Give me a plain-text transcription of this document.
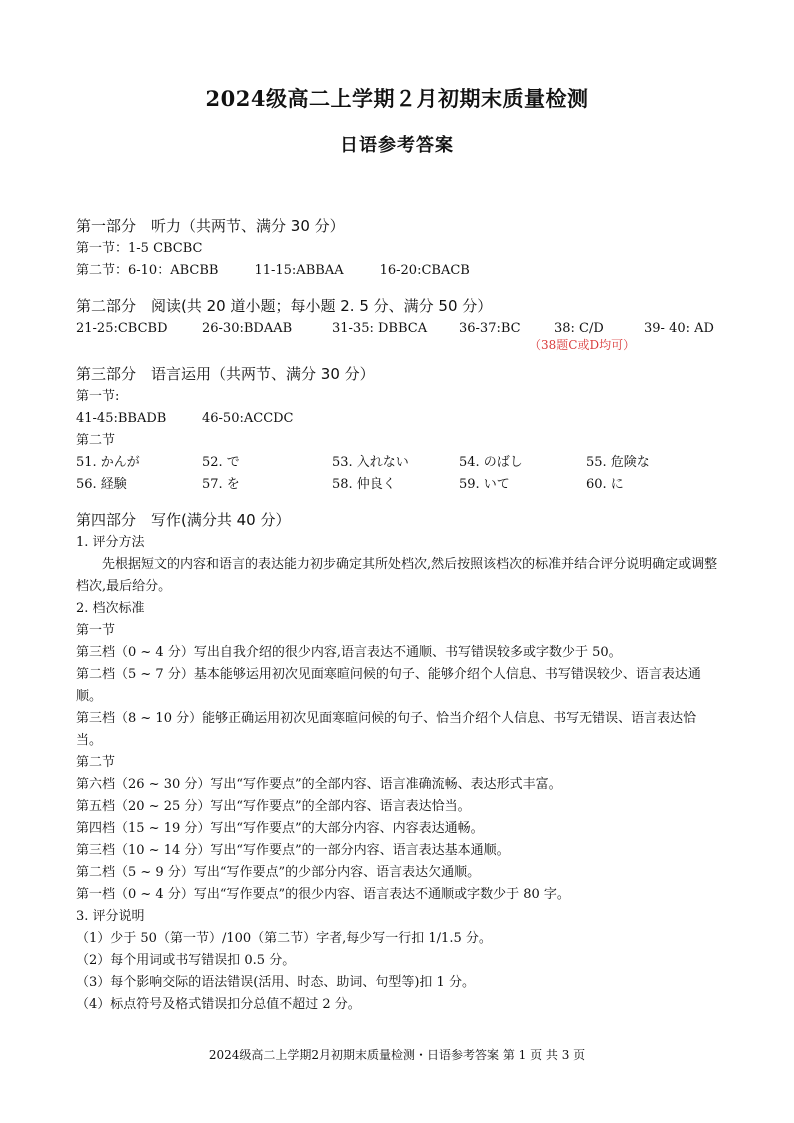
2024级高二上学期２月初期末质量检测
日语参考答案
第一部分　听力（共两节、满分 30 分）
第一节：1-5 CBCBC
第二节：6-10：ABCBB	11-15:ABBAA	16-20:CBACB
第二部分　阅读(共 20 道小题；每小题 2. 5 分、满分 50 分）
21-25:CBCBD	26-30:BDAAB	31-35: DBBCA	36-37:BC	38: C/D	39- 40: AD
（38题C或D均可）
第三部分　语言运用（共两节、满分 30 分）
第一节:
41-45:BBADB	46-50:ACCDC
第二节
51. かんが	52. で	53. 入れない	54. のばし	55. 危険な
56. 経験	57. を	58. 仲良く	59. いて	60. に
第四部分　写作(满分共 40 分）
1. 评分方法
先根据短文的内容和语言的表达能力初步确定其所处档次,然后按照该档次的标准并结合评分说明确定或调整档次,最后给分。
2. 档次标准
第一节
第三档（0 ~ 4 分）写出自我介绍的很少内容,语言表达不通顺、书写错误较多或字数少于 50。
第二档（5 ~ 7 分）基本能够运用初次见面寒暄问候的句子、能够介绍个人信息、书写错误较少、语言表达通顺。
第三档（8 ~ 10 分）能够正确运用初次见面寒暄问候的句子、恰当介绍个人信息、书写无错误、语言表达恰当。
第二节
第六档（26 ~ 30 分）写出“写作要点”的全部内容、语言准确流畅、表达形式丰富。
第五档（20 ~ 25 分）写出“写作要点”的全部内容、语言表达恰当。
第四档（15 ~ 19 分）写出“写作要点”的大部分内容、内容表达通畅。
第三档（10 ~ 14 分）写出“写作要点”的一部分内容、语言表达基本通顺。
第二档（5 ~ 9 分）写出“写作要点”的少部分内容、语言表达欠通顺。
第一档（0 ~ 4 分）写出“写作要点”的很少内容、语言表达不通顺或字数少于 80 字。
3. 评分说明
（1）少于 50（第一节）/100（第二节）字者,每少写一行扣 1/1.5 分。
（2）每个用词或书写错误扣 0.5 分。
（3）每个影响交际的语法错误(活用、时态、助词、句型等)扣 1 分。
（4）标点符号及格式错误扣分总值不超过 2 分。
2024级高二上学期2月初期末质量检测・日语参考答案 第 1 页 共 3 页
